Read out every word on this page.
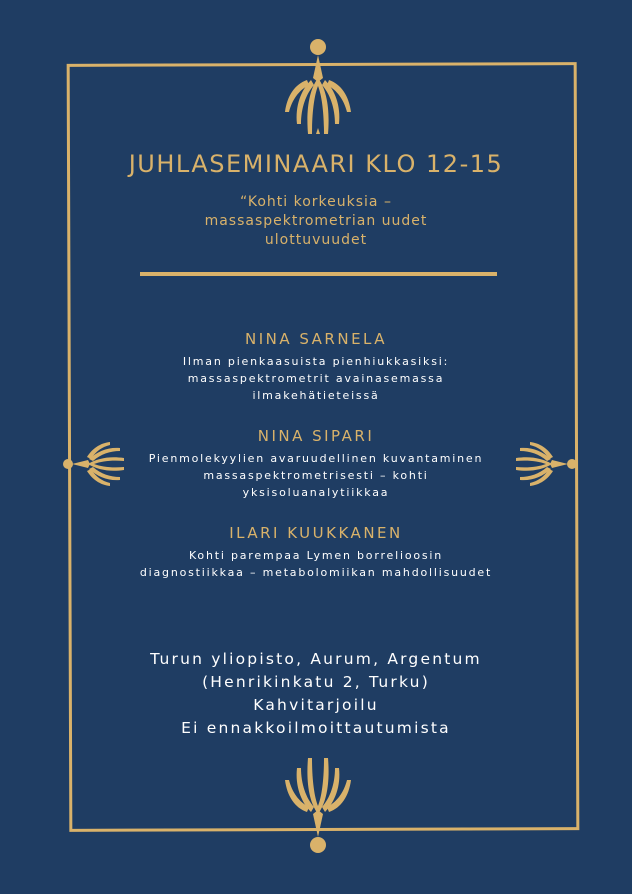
JUHLASEMINAARI KLO 12-15
“Kohti korkeuksia –
massaspektrometrian uudet
ulottuvuudet
NINA SARNELA
Ilman pienkaasuista pienhiukkasiksi:
massaspektrometrit avainasemassa
ilmakehätieteissä
NINA SIPARI
Pienmolekyylien avaruudellinen kuvantaminen
massaspektrometrisesti – kohti
yksisoluanalytiikkaa
ILARI KUUKKANEN
Kohti parempaa Lymen borrelioosin
diagnostiikkaa – metabolomiikan mahdollisuudet
Turun yliopisto, Aurum, Argentum
(Henrikinkatu 2, Turku)
Kahvitarjoilu
Ei ennakkoilmoittautumista
